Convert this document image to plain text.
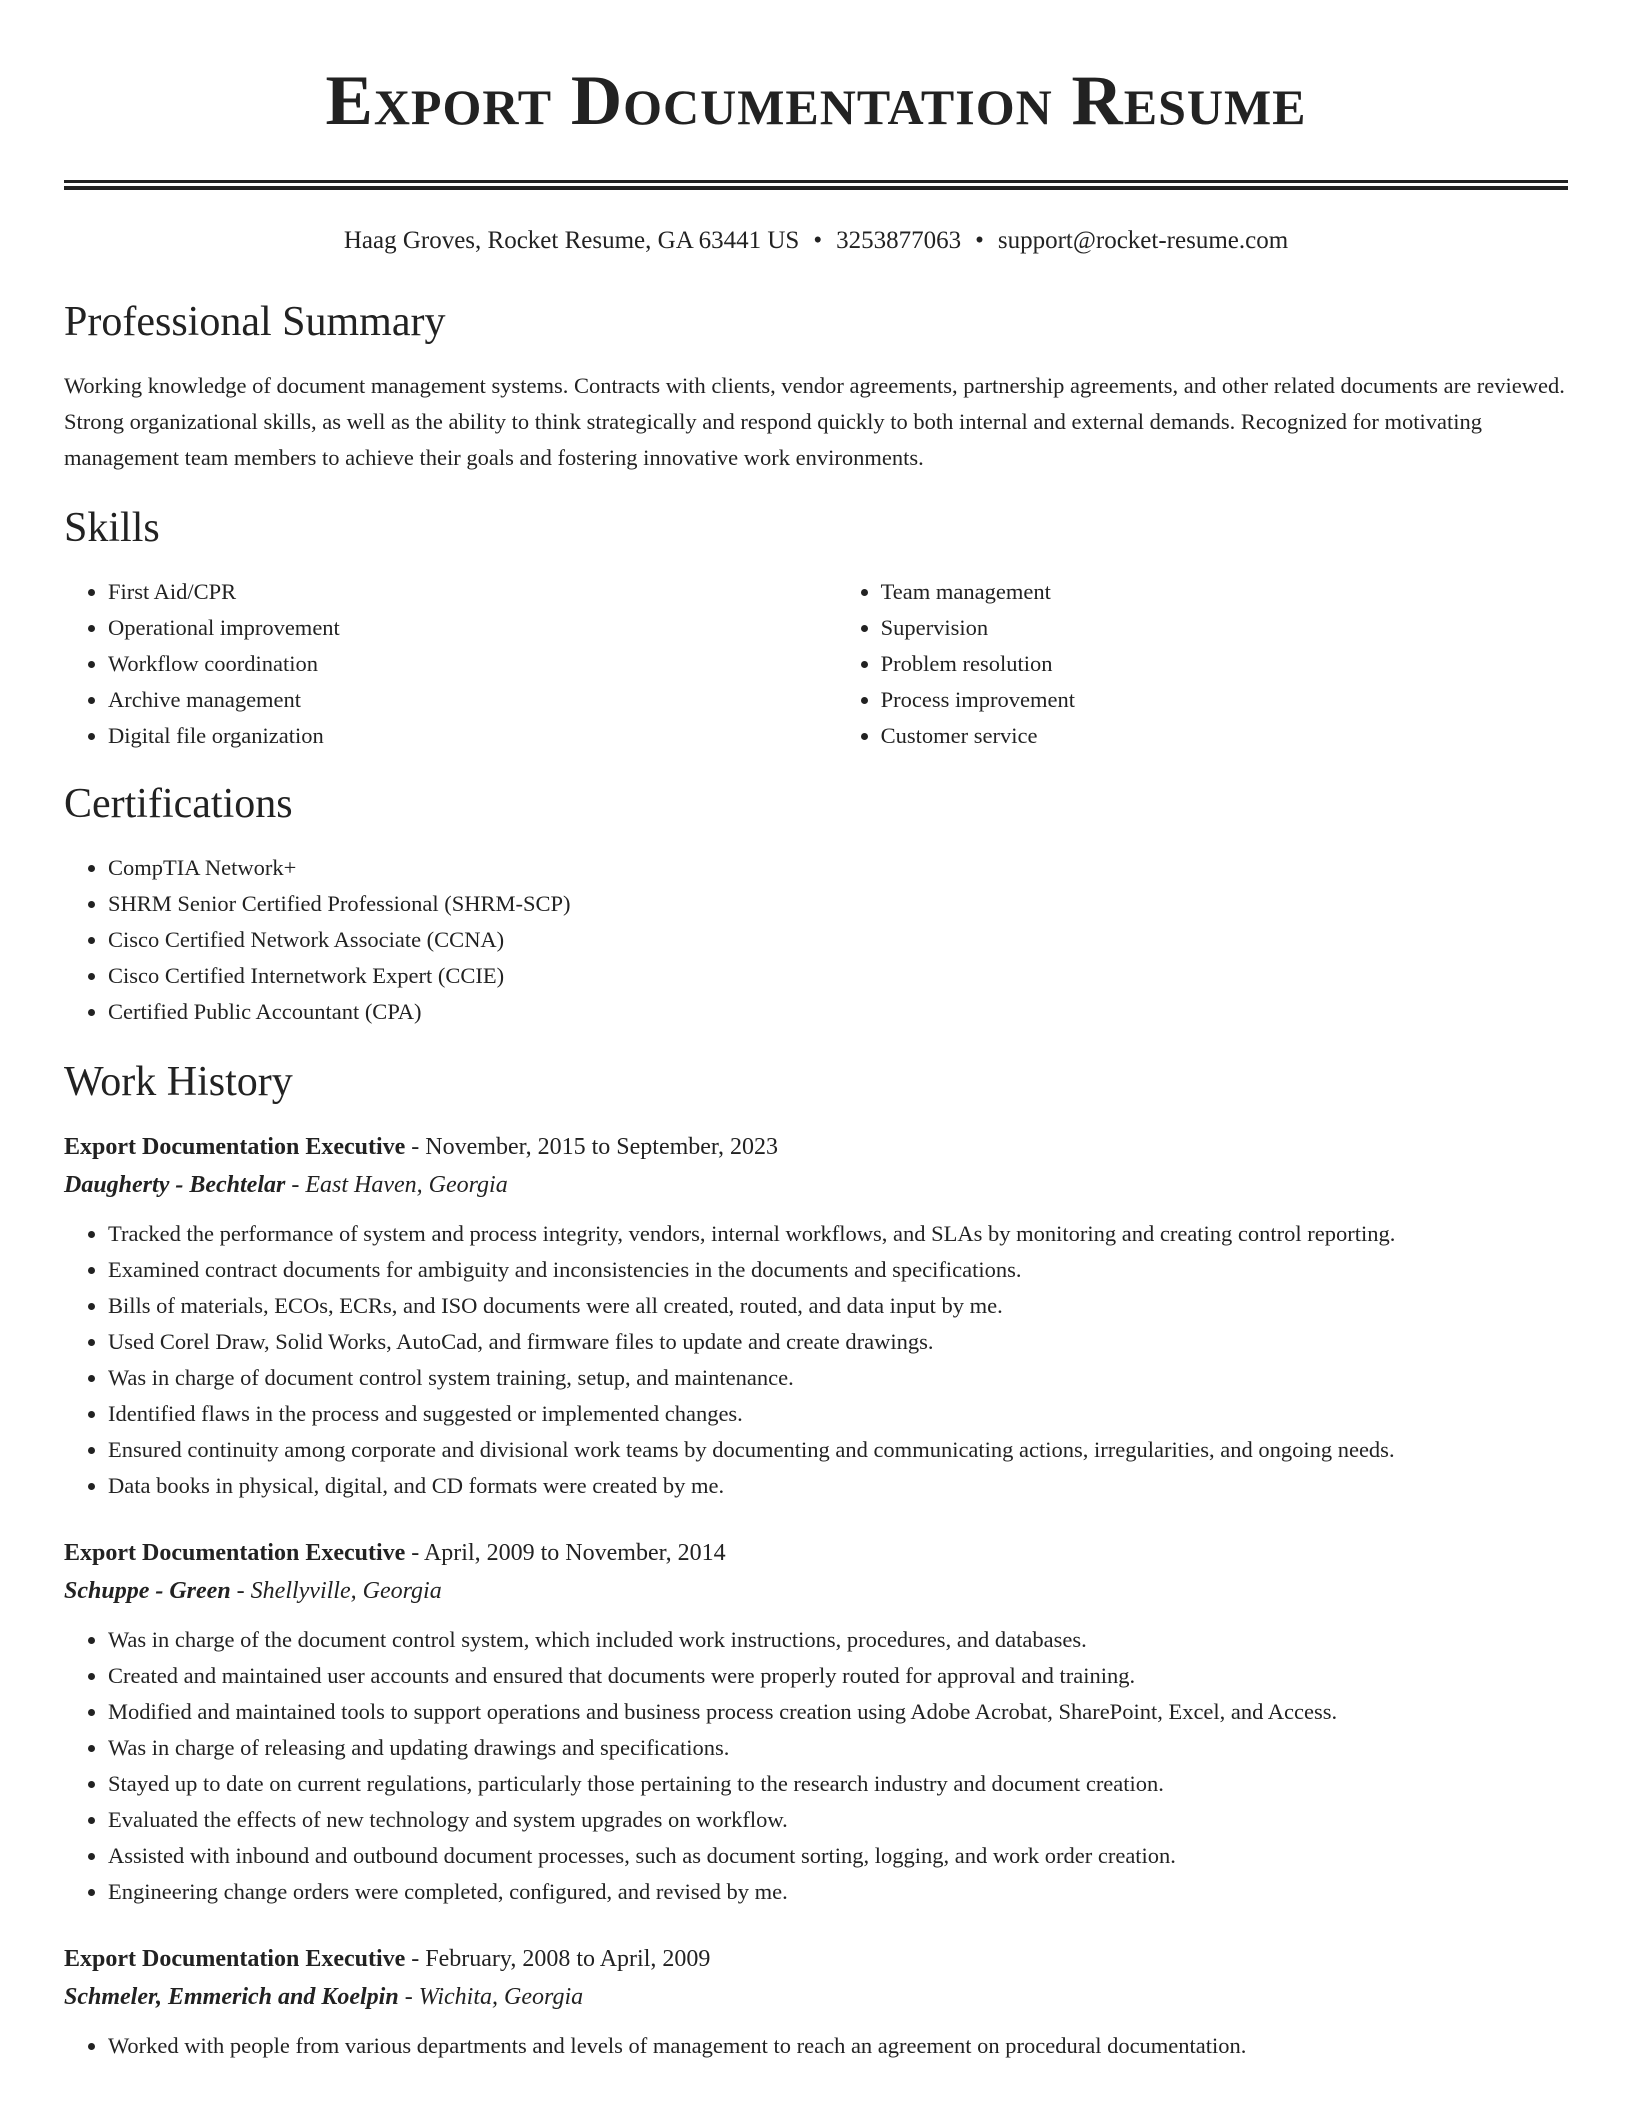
Export Documentation Resume
Haag Groves, Rocket Resume, GA 63441 US • 3253877063 • support@rocket-resume.com
Professional Summary

Working knowledge of document management systems. Contracts with clients, vendor agreements, partnership agreements, and other related documents are reviewed. Strong organizational skills, as well as the ability to think strategically and respond quickly to both internal and external demands. Recognized for motivating management team members to achieve their goals and fostering innovative work environments.

Skills
• First Aid/CPR
• Operational improvement
• Workflow coordination
• Archive management
• Digital file organization
• Team management
• Supervision
• Problem resolution
• Process improvement
• Customer service
Certifications
• CompTIA Network+
• SHRM Senior Certified Professional (SHRM-SCP)
• Cisco Certified Network Associate (CCNA)
• Cisco Certified Internetwork Expert (CCIE)
• Certified Public Accountant (CPA)
Work History
Export Documentation Executive - November, 2015 to September, 2023
Daugherty - Bechtelar - East Haven, Georgia
• Tracked the performance of system and process integrity, vendors, internal workflows, and SLAs by monitoring and creating control reporting.
• Examined contract documents for ambiguity and inconsistencies in the documents and specifications.
• Bills of materials, ECOs, ECRs, and ISO documents were all created, routed, and data input by me.
• Used Corel Draw, Solid Works, AutoCad, and firmware files to update and create drawings.
• Was in charge of document control system training, setup, and maintenance.
• Identified flaws in the process and suggested or implemented changes.
• Ensured continuity among corporate and divisional work teams by documenting and communicating actions, irregularities, and ongoing needs.
• Data books in physical, digital, and CD formats were created by me.
Export Documentation Executive - April, 2009 to November, 2014
Schuppe - Green - Shellyville, Georgia
• Was in charge of the document control system, which included work instructions, procedures, and databases.
• Created and maintained user accounts and ensured that documents were properly routed for approval and training.
• Modified and maintained tools to support operations and business process creation using Adobe Acrobat, SharePoint, Excel, and Access.
• Was in charge of releasing and updating drawings and specifications.
• Stayed up to date on current regulations, particularly those pertaining to the research industry and document creation.
• Evaluated the effects of new technology and system upgrades on workflow.
• Assisted with inbound and outbound document processes, such as document sorting, logging, and work order creation.
• Engineering change orders were completed, configured, and revised by me.
Export Documentation Executive - February, 2008 to April, 2009
Schmeler, Emmerich and Koelpin - Wichita, Georgia
• Worked with people from various departments and levels of management to reach an agreement on procedural documentation.
